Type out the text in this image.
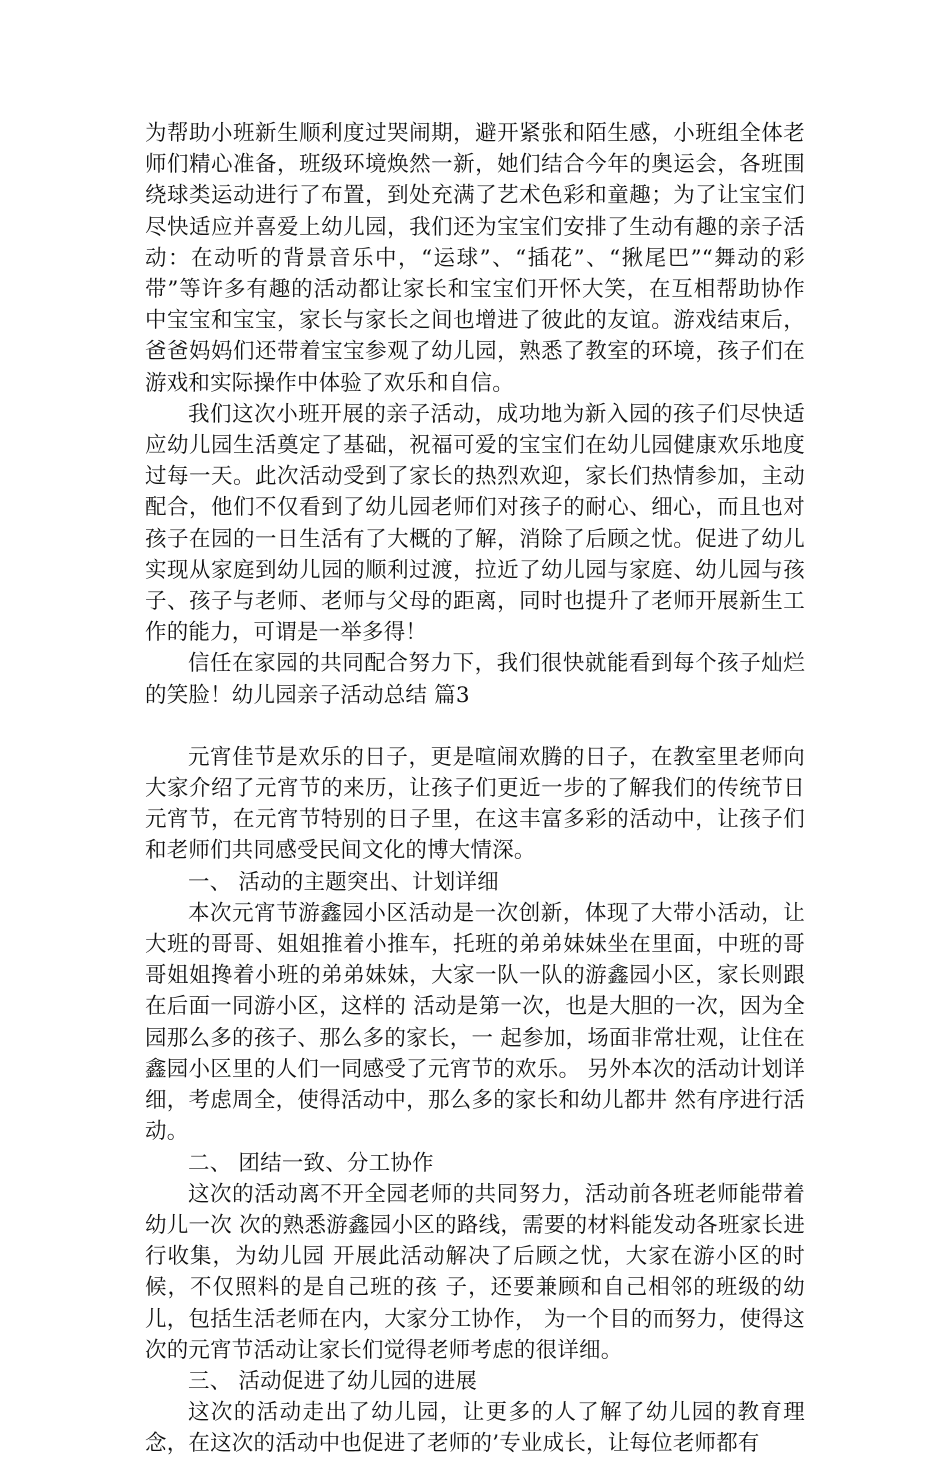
为帮助小班新生顺利度过哭闹期，避开紧张和陌生感，小班组全体老师们精心准备，班级环境焕然一新，她们结合今年的奥运会，各班围绕球类运动进行了布置，到处充满了艺术色彩和童趣；为了让宝宝们尽快适应并喜爱上幼儿园，我们还为宝宝们安排了生动有趣的亲子活动：在动听的背景音乐中，“运球”、“插花”、“揪尾巴”“舞动的彩带”等许多有趣的活动都让家长和宝宝们开怀大笑，在互相帮助协作中宝宝和宝宝，家长与家长之间也增进了彼此的友谊。游戏结束后，爸爸妈妈们还带着宝宝参观了幼儿园，熟悉了教室的环境，孩子们在游戏和实际操作中体验了欢乐和自信。

我们这次小班开展的亲子活动，成功地为新入园的孩子们尽快适应幼儿园生活奠定了基础，祝福可爱的宝宝们在幼儿园健康欢乐地度过每一天。此次活动受到了家长的热烈欢迎，家长们热情参加，主动配合，他们不仅看到了幼儿园老师们对孩子的耐心、细心，而且也对孩子在园的一日生活有了大概的了解，消除了后顾之忧。促进了幼儿实现从家庭到幼儿园的顺利过渡，拉近了幼儿园与家庭、幼儿园与孩子、孩子与老师、老师与父母的距离，同时也提升了老师开展新生工作的能力，可谓是一举多得！

信任在家园的共同配合努力下，我们很快就能看到每个孩子灿烂的笑脸！幼儿园亲子活动总结 篇3

元宵佳节是欢乐的日子，更是喧闹欢腾的日子，在教室里老师向大家介绍了元宵节的来历，让孩子们更近一步的了解我们的传统节日元宵节，在元宵节特别的日子里，在这丰富多彩的活动中，让孩子们和老师们共同感受民间文化的博大情深。

一、 活动的主题突出、计划详细

本次元宵节游鑫园小区活动是一次创新，体现了大带小活动，让大班的哥哥、姐姐推着小推车，托班的弟弟妹妹坐在里面，中班的哥哥姐姐搀着小班的弟弟妹妹，大家一队一队的游鑫园小区，家长则跟在后面一同游小区，这样的 活动是第一次，也是大胆的一次，因为全园那么多的孩子、那么多的家长，一 起参加，场面非常壮观，让住在鑫园小区里的人们一同感受了元宵节的欢乐。 另外本次的活动计划详细，考虑周全，使得活动中，那么多的家长和幼儿都井 然有序进行活动。

二、 团结一致、分工协作

这次的活动离不开全园老师的共同努力，活动前各班老师能带着幼儿一次 次的熟悉游鑫园小区的路线，需要的材料能发动各班家长进行收集，为幼儿园 开展此活动解决了后顾之忧，大家在游小区的时候，不仅照料的是自己班的孩 子，还要兼顾和自己相邻的班级的幼儿，包括生活老师在内，大家分工协作， 为一个目的而努力，使得这次的元宵节活动让家长们觉得老师考虑的很详细。

三、 活动促进了幼儿园的进展

这次的活动走出了幼儿园，让更多的人了解了幼儿园的教育理念，在这次的活动中也促进了老师的’专业成长，让每位老师都有
